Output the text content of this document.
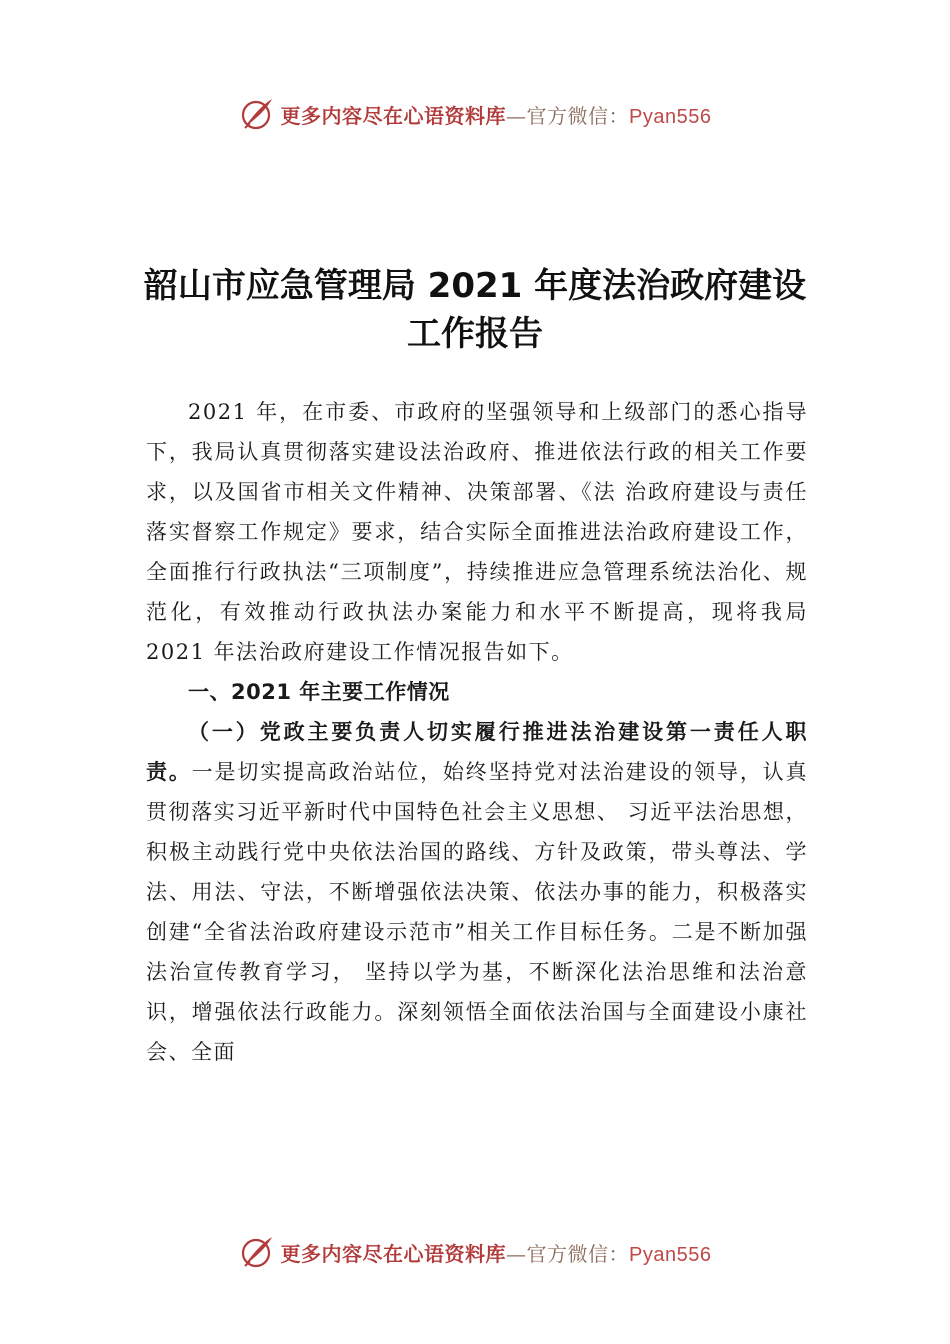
更多内容尽在心语资料库—官方微信：Pyan556
韶山市应急管理局 2021 年度法治政府建设
工作报告

2021 年，在市委、市政府的坚强领导和上级部门的悉心指导下，我局认真贯彻落实建设法治政府、推进依法行政的相关工作要求，以及国省市相关文件精神、决策部署、《法 治政府建设与责任落实督察工作规定》要求，结合实际全面推进法治政府建设工作，全面推行行政执法“三项制度”，持续推进应急管理系统法治化、规范化，有效推动行政执法办案能力和水平不断提高，现将我局 2021 年法治政府建设工作情况报告如下。

一、2021 年主要工作情况

（一）党政主要负责人切实履行推进法治建设第一责任人职责。一是切实提高政治站位，始终坚持党对法治建设的领导，认真贯彻落实习近平新时代中国特色社会主义思想、 习近平法治思想，积极主动践行党中央依法治国的路线、方针及政策，带头尊法、学法、用法、守法，不断增强依法决策、依法办事的能力，积极落实创建“全省法治政府建设示范市”相关工作目标任务。二是不断加强法治宣传教育学习， 坚持以学为基，不断深化法治思维和法治意识，增强依法行政能力。深刻领悟全面依法治国与全面建设小康社会、全面

更多内容尽在心语资料库—官方微信：Pyan556
